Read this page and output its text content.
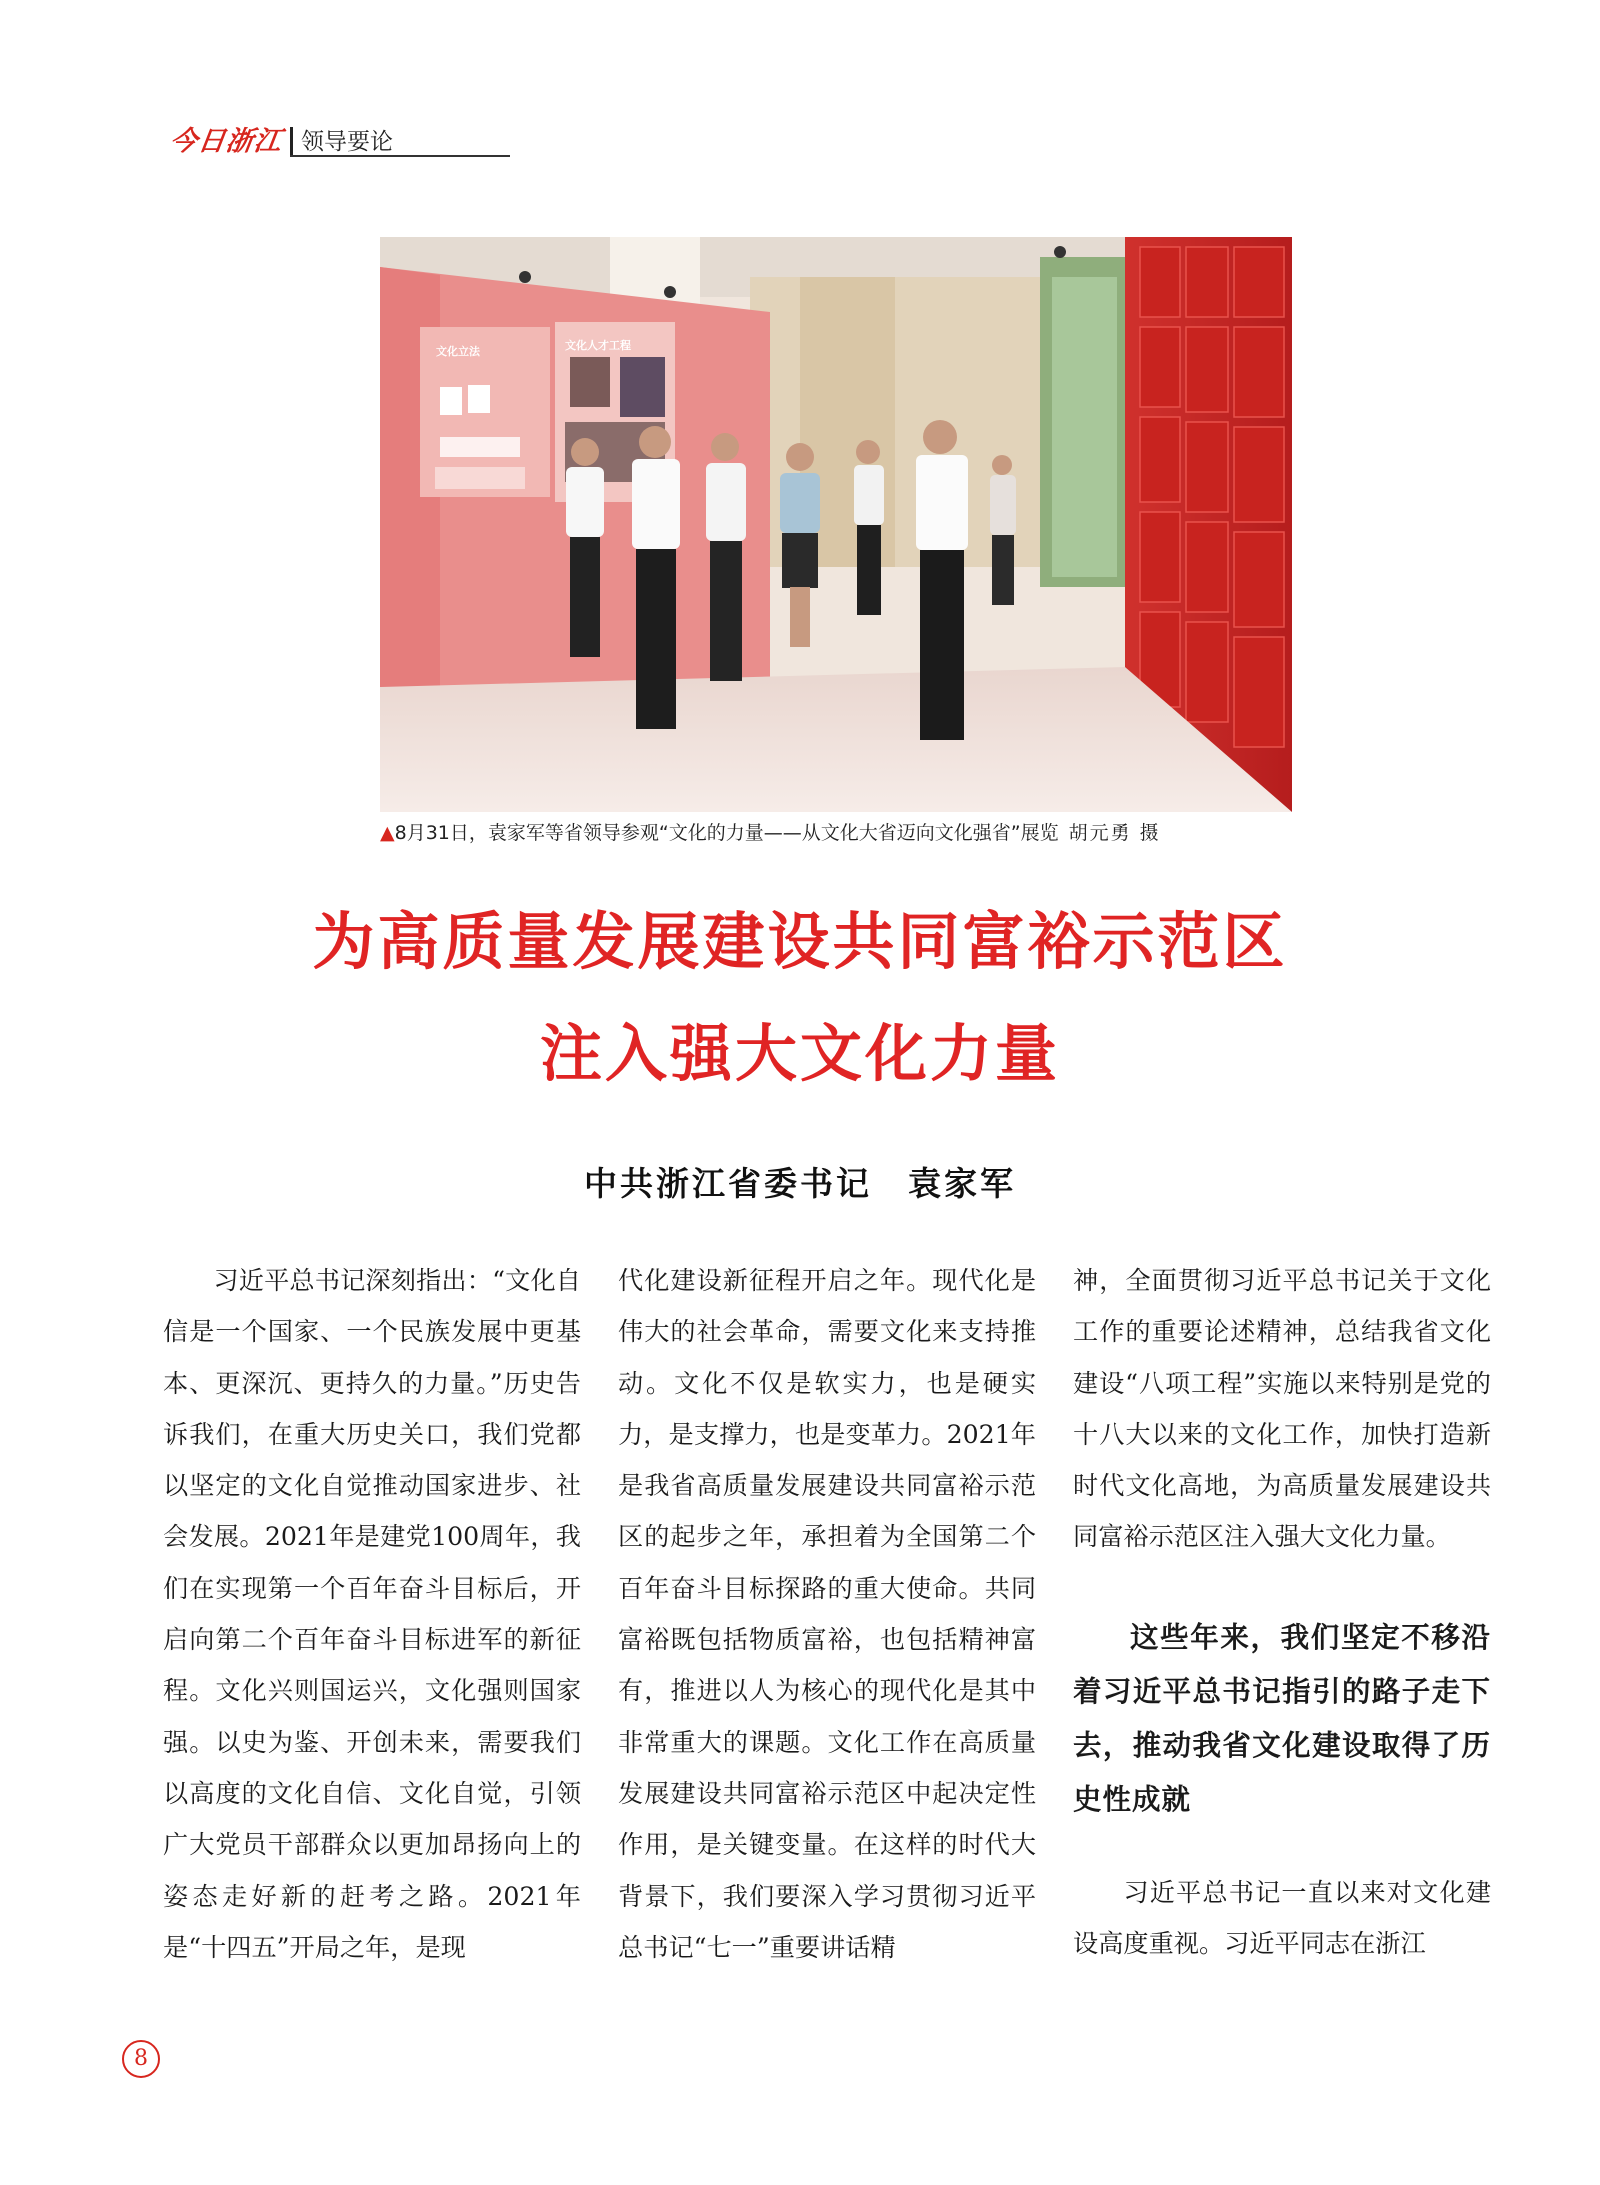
今日浙江 领导要论
文化立法	文化人才工程
▲8月31日，袁家军等省领导参观“文化的力量——从文化大省迈向文化强省”展览 胡元勇 摄
为高质量发展建设共同富裕示范区
注入强大文化力量
中共浙江省委书记 袁家军

习近平总书记深刻指出：“文化自信是一个国家、一个民族发展中更基本、更深沉、更持久的力量。”历史告诉我们，在重大历史关口，我们党都以坚定的文化自觉推动国家进步、社会发展。2021年是建党100周年，我们在实现第一个百年奋斗目标后，开启向第二个百年奋斗目标进军的新征程。文化兴则国运兴，文化强则国家强。以史为鉴、开创未来，需要我们以高度的文化自信、文化自觉，引领广大党员干部群众以更加昂扬向上的姿态走好新的赶考之路。2021年是“十四五”开局之年，是现

代化建设新征程开启之年。现代化是伟大的社会革命，需要文化来支持推动。文化不仅是软实力，也是硬实力，是支撑力，也是变革力。2021年是我省高质量发展建设共同富裕示范区的起步之年，承担着为全国第二个百年奋斗目标探路的重大使命。共同富裕既包括物质富裕，也包括精神富有，推进以人为核心的现代化是其中非常重大的课题。文化工作在高质量发展建设共同富裕示范区中起决定性作用，是关键变量。在这样的时代大背景下，我们要深入学习贯彻习近平总书记“七一”重要讲话精

神，全面贯彻习近平总书记关于文化工作的重要论述精神，总结我省文化建设“八项工程”实施以来特别是党的十八大以来的文化工作，加快打造新时代文化高地，为高质量发展建设共同富裕示范区注入强大文化力量。

这些年来，我们坚定不移沿着习近平总书记指引的路子走下去，推动我省文化建设取得了历史性成就

习近平总书记一直以来对文化建设高度重视。习近平同志在浙江

8
